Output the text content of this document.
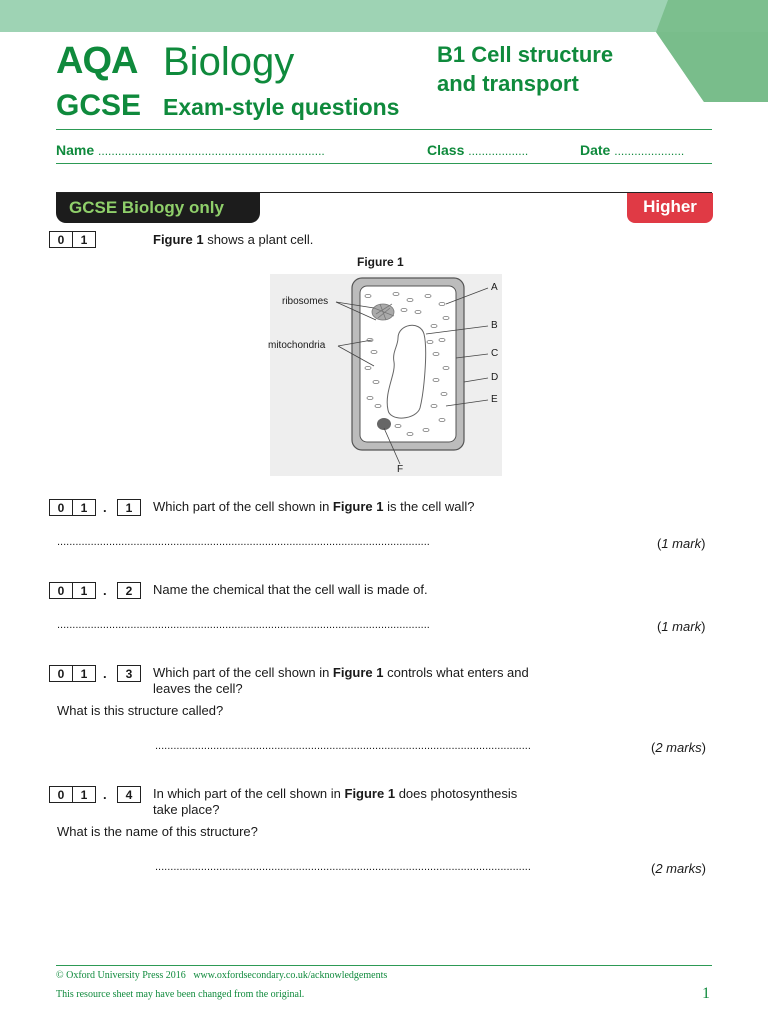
AQA Biology
GCSE Exam-style questions
B1 Cell structure
and transport
Name ....................................................................	Class ..................	Date .....................
GCSE Biology only	Higher
0	1	Figure 1 shows a plant cell.
Figure 1
ribosomes
mitochondria
A
B
C
D
E
F
0	1	.	1	Which part of the cell shown in Figure 1 is the cell wall?
..........................................................................................................................	(1 mark)
0	1	.	2	Name the chemical that the cell wall is made of.
..........................................................................................................................	(1 mark)
0	1	.	3	Which part of the cell shown in Figure 1 controls what enters and
leaves the cell?
What is this structure called?
...........................................................................................................................	(2 marks)
0	1	.	4	In which part of the cell shown in Figure 1 does photosynthesis
take place?
What is the name of this structure?
...........................................................................................................................	(2 marks)
© Oxford University Press 2016 www.oxfordsecondary.co.uk/acknowledgements
This resource sheet may have been changed from the original.	1
